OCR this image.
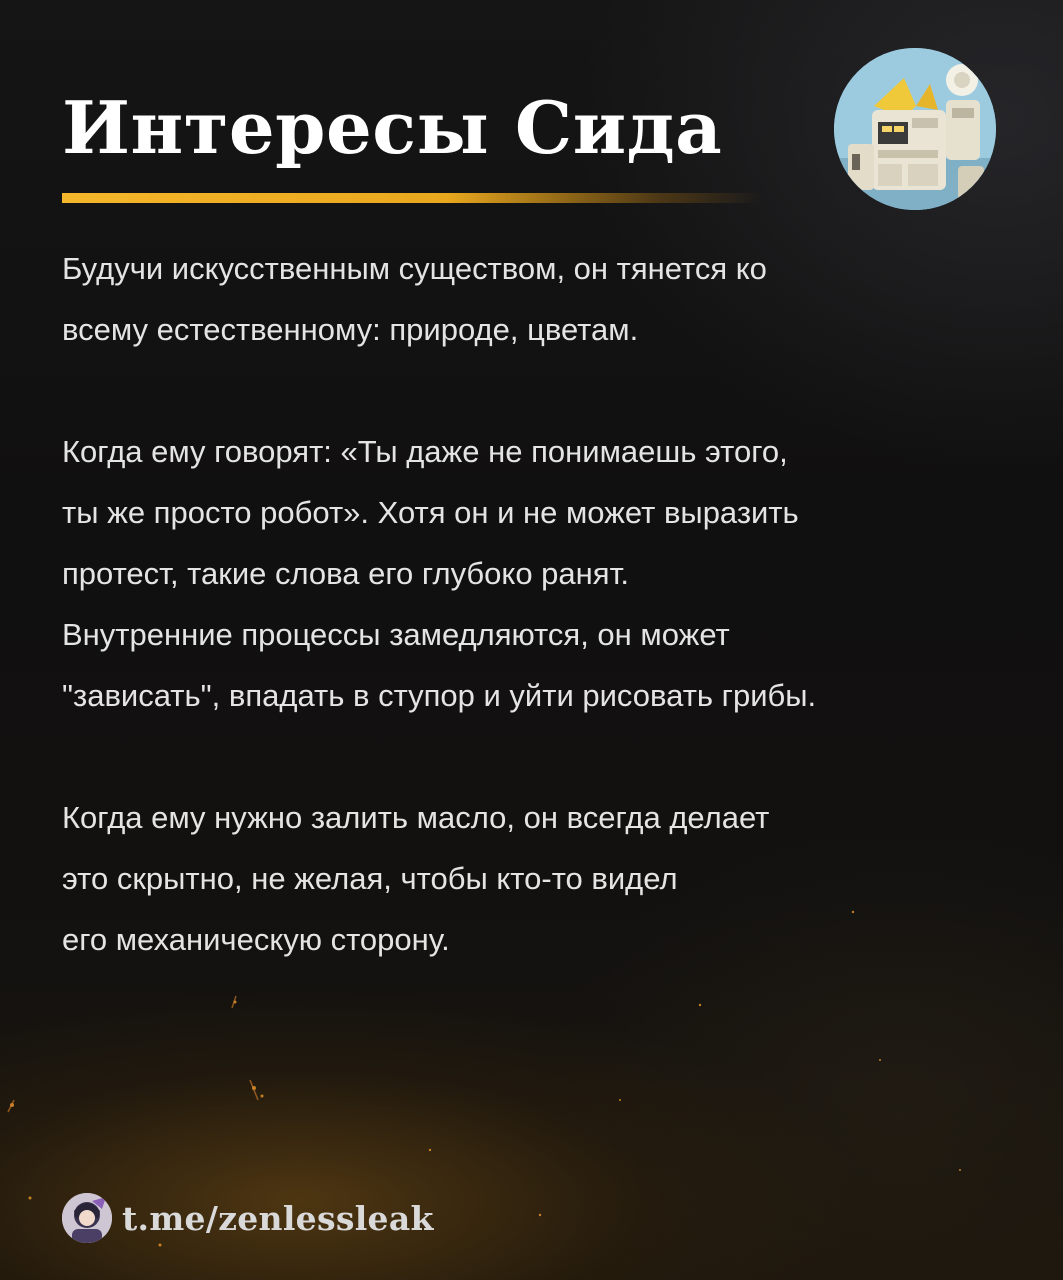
Интересы Сида

Будучи искусственным существом, он тянется ко
всему естественному: природе, цветам.

Когда ему говорят: «Ты даже не понимаешь этого,
ты же просто робот». Хотя он и не может выразить
протест, такие слова его глубоко ранят.
Внутренние процессы замедляются, он может
"зависать", впадать в ступор и уйти рисовать грибы.

Когда ему нужно залить масло, он всегда делает
это скрытно, не желая, чтобы кто-то видел
его механическую сторону.

t.me/zenlessleak
